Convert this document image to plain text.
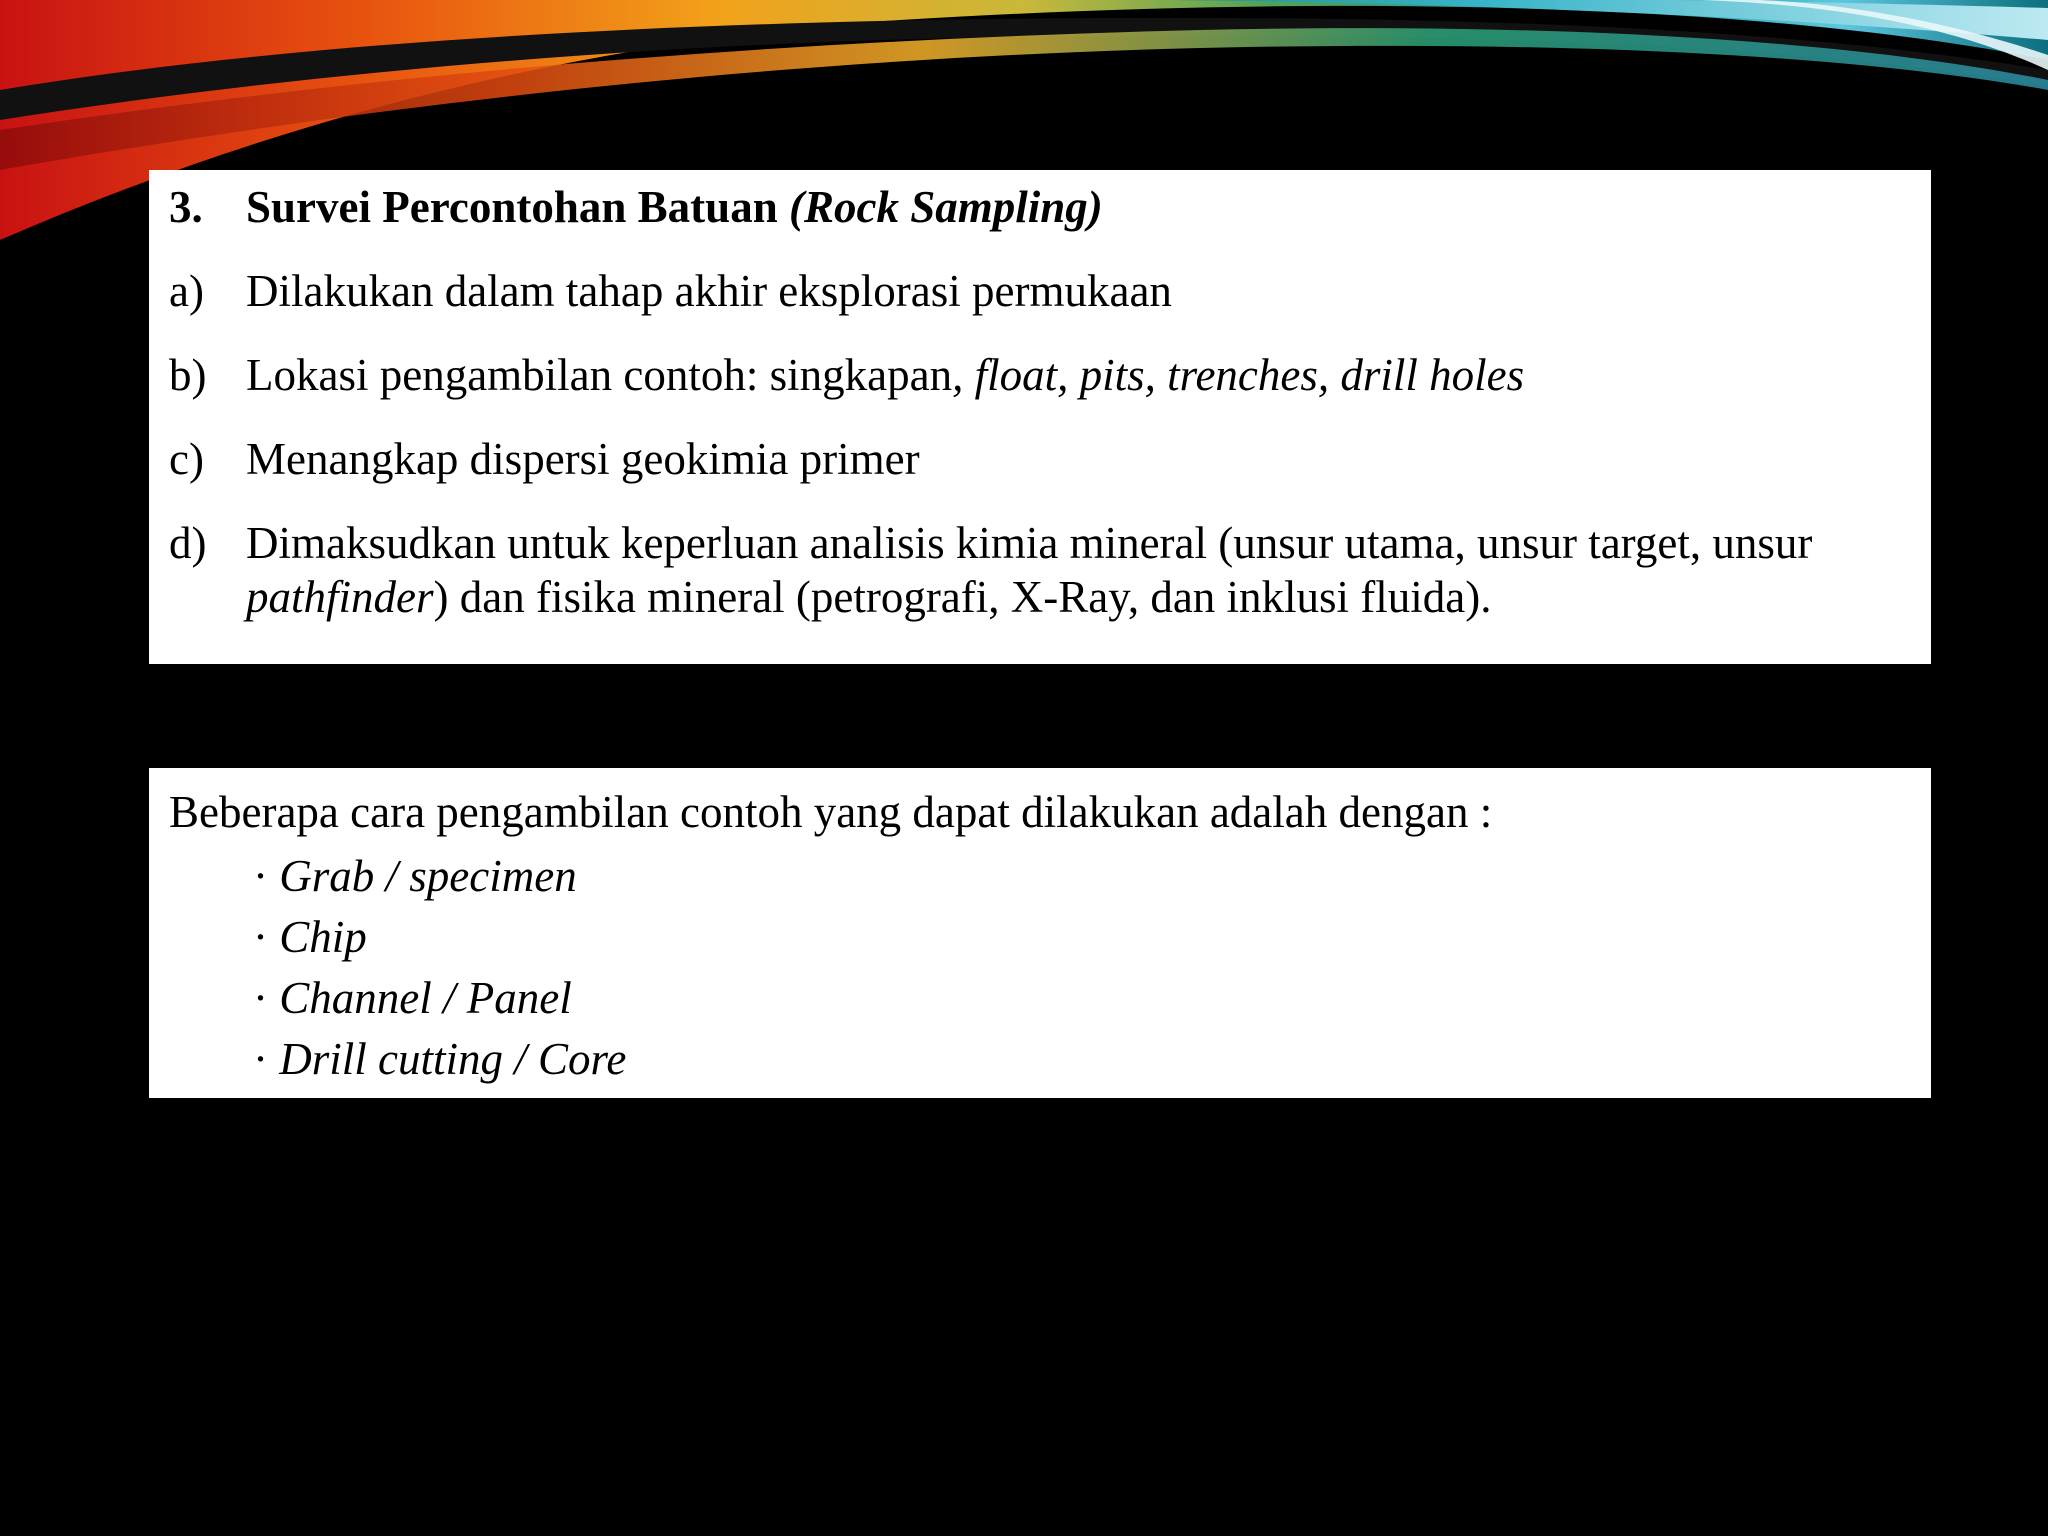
3. Survei Percontohan Batuan (Rock Sampling)
a) Dilakukan dalam tahap akhir eksplorasi permukaan
b) Lokasi pengambilan contoh: singkapan, float, pits, trenches, drill holes
c) Menangkap dispersi geokimia primer
d) Dimaksudkan untuk keperluan analisis kimia mineral (unsur utama, unsur target, unsur pathfinder) dan fisika mineral (petrografi, X-Ray, dan inklusi fluida).

Beberapa cara pengambilan contoh yang dapat dilakukan adalah dengan :

· Grab / specimen
· Chip
· Channel / Panel
· Drill cutting / Core
